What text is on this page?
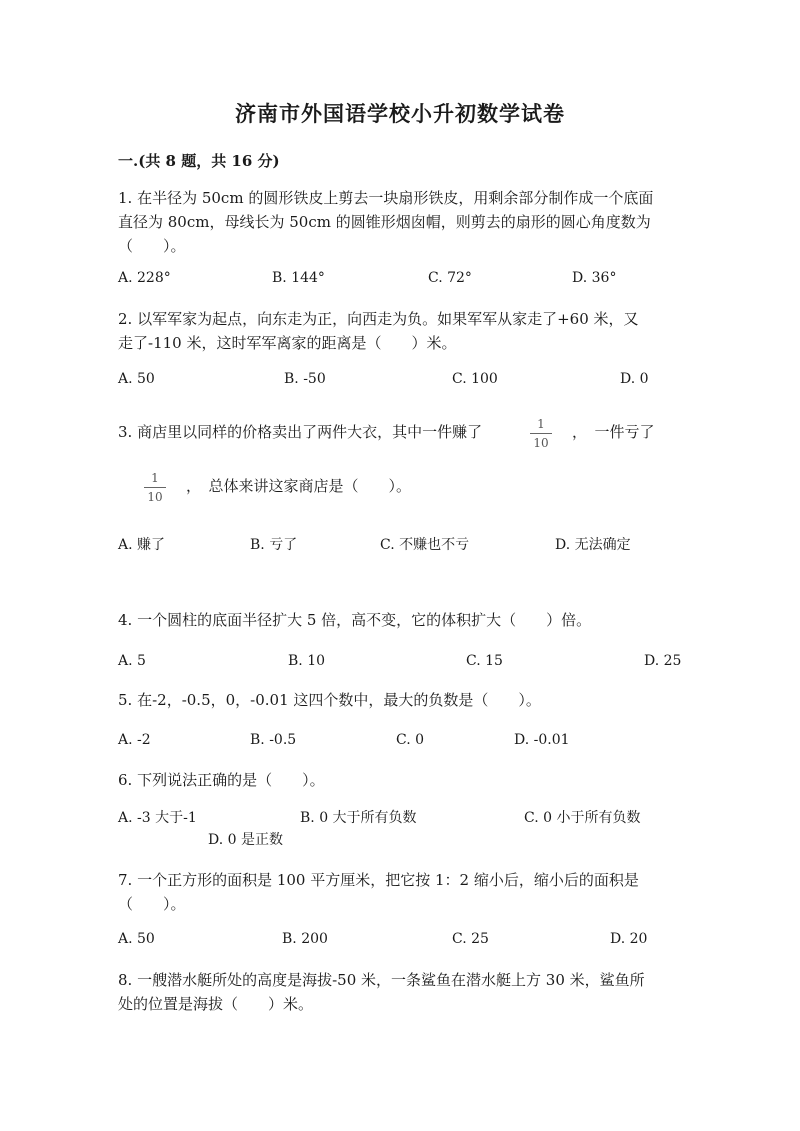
济南市外国语学校小升初数学试卷
一.(共 8 题，共 16 分)
1. 在半径为 50cm 的圆形铁皮上剪去一块扇形铁皮，用剩余部分制作成一个底面
直径为 80cm，母线长为 50cm 的圆锥形烟囱帽，则剪去的扇形的圆心角度数为
（　　）。
A. 228°	B. 144°	C. 72°	D. 36°
2. 以军军家为起点，向东走为正，向西走为负。如果军军从家走了+60 米，又
走了-110 米，这时军军离家的距离是（　　）米。
A. 50	B. -50	C. 100	D. 0
3. 商店里以同样的价格卖出了两件大衣，其中一件赚了	1
10
，　一件亏了
1
10
，　总体来讲这家商店是（　　）。
A. 赚了	B. 亏了	C. 不赚也不亏	D. 无法确定
4. 一个圆柱的底面半径扩大 5 倍，高不变，它的体积扩大（　　）倍。
A. 5	B. 10	C. 15	D. 25
5. 在-2，-0.5，0，-0.01 这四个数中，最大的负数是（　　）。
A. -2	B. -0.5	C. 0	D. -0.01
6. 下列说法正确的是（　　）。
A. -3 大于-1	B. 0 大于所有负数	C. 0 小于所有负数
D. 0 是正数
7. 一个正方形的面积是 100 平方厘米，把它按 1：2 缩小后，缩小后的面积是
（　　）。
A. 50	B. 200	C. 25	D. 20
8. 一艘潜水艇所处的高度是海拔-50 米，一条鲨鱼在潜水艇上方 30 米，鲨鱼所
处的位置是海拔（　　）米。
